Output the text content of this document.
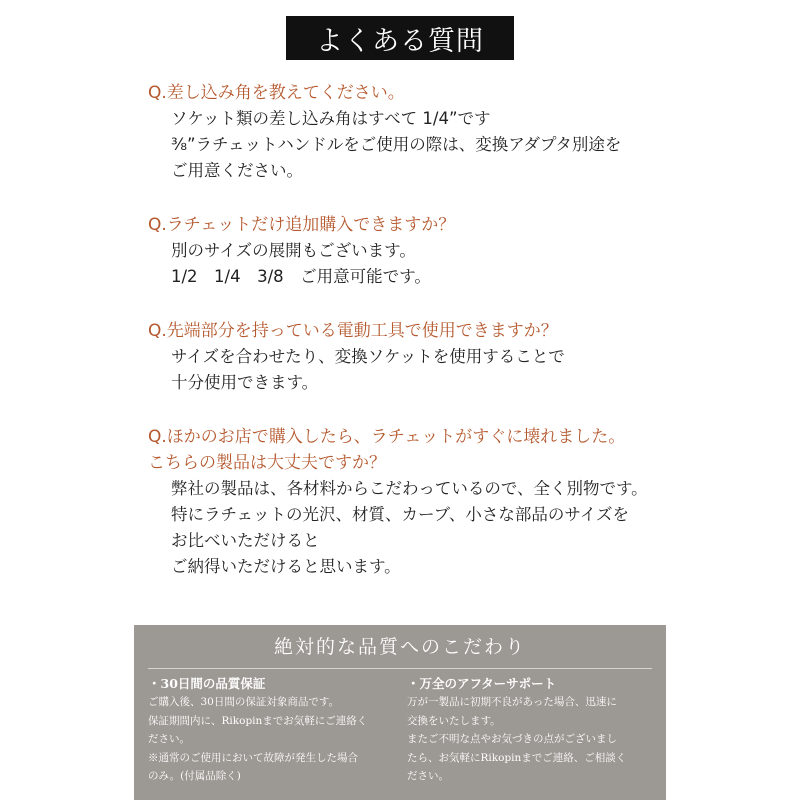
よくある質問
Q.差し込み角を教えてください。
ソケット類の差し込み角はすべて 1/4”です
⅜”ラチェットハンドルをご使用の際は、変換アダプタ別途を
ご用意ください。
Q.ラチェットだけ追加購入できますか？
別のサイズの展開もございます。
1/2　1/4　3/8　ご用意可能です。
Q.先端部分を持っている電動工具で使用できますか？
サイズを合わせたり、変換ソケットを使用することで
十分使用できます。
Q.ほかのお店で購入したら、ラチェットがすぐに壊れました。
こちらの製品は大丈夫ですか？
弊社の製品は、各材料からこだわっているので、全く別物です。
特にラチェットの光沢、材質、カーブ、小さな部品のサイズを
お比べいただけると
ご納得いただけると思います。
絶対的な品質へのこだわり
・30日間の品質保証
ご購入後、30日間の保証対象商品です。
保証期間内に、Rikopinまでお気軽にご連絡く
ださい。
※通常のご使用において故障が発生した場合
のみ。(付属品除く)
・万全のアフターサポート
万が一製品に初期不良があった場合、迅速に
交換をいたします。
またご不明な点やお気づきの点がございまし
たら、お気軽にRikopinまでご連絡、ご相談く
ださい。
